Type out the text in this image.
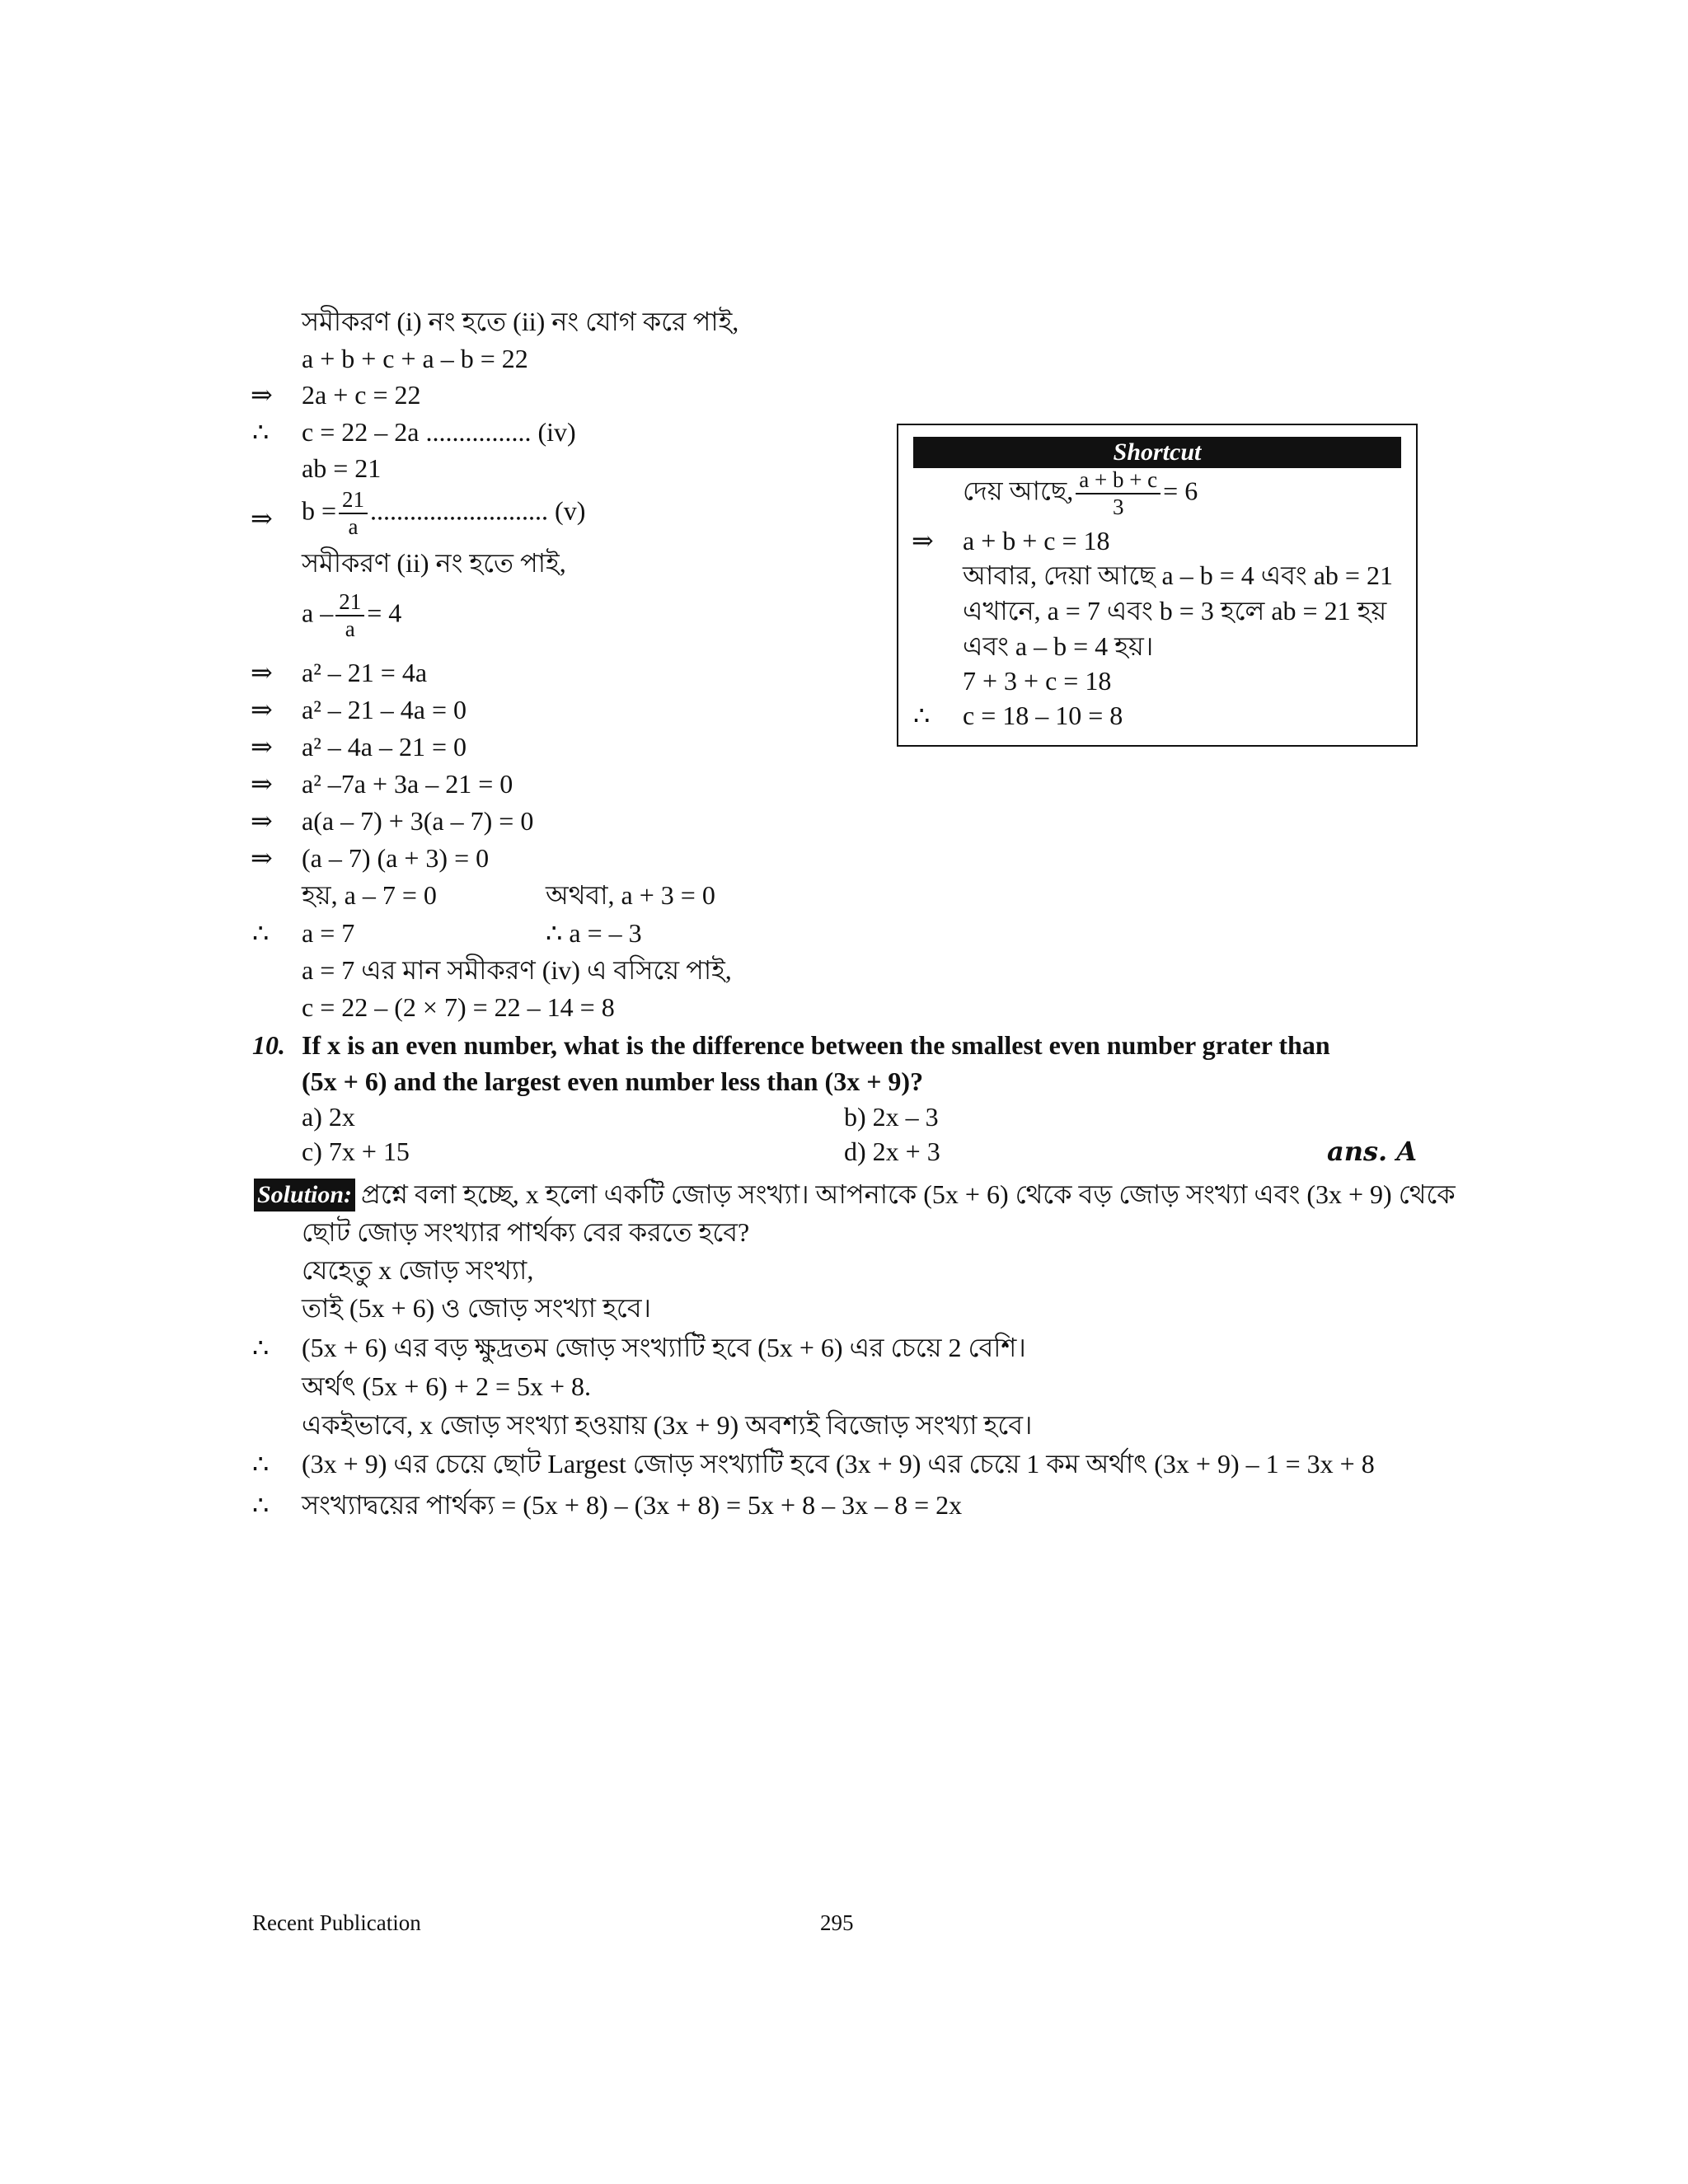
সমীকরণ (i) নং হতে (ii) নং যোগ করে পাই,
a + b + c + a – b = 22
⇒ 2a + c = 22
∴ c = 22 – 2a ................ (iv)
ab = 21
⇒ $b = \frac{21}{a}$ ........................... (v)
সমীকরণ (ii) নং হতে পাই,
$a - \frac{21}{a} = 4$
⇒ a² – 21 = 4a
⇒ a² – 21 – 4a = 0
⇒ a² – 4a – 21 = 0
⇒ a² –7a + 3a – 21 = 0
⇒ a(a – 7) + 3(a – 7) = 0
⇒ (a – 7) (a + 3) = 0
হয়, a – 7 = 0	অথবা, a + 3 = 0
∴ a = 7	∴ a = – 3
a = 7 এর মান সমীকরণ (iv) এ বসিয়ে পাই,
c = 22 – (2 × 7) = 22 – 14 = 8
Shortcut
দেয় আছে, $\frac{a + b + c}{3} = 6$
⇒ a + b + c = 18
আবার, দেয়া আছে a – b = 4 এবং ab = 21
এখানে, a = 7 এবং b = 3 হলে ab = 21 হয়
এবং a – b = 4 হয়।
7 + 3 + c = 18
∴ c = 18 – 10 = 8
10. If x is an even number, what is the difference between the smallest even number grater than
(5x + 6) and the largest even number less than (3x + 9)?
a) 2x	b) 2x – 3
c) 7x + 15	d) 2x + 3	ans. A
Solution: প্রশ্নে বলা হচ্ছে, x হলো একটি জোড় সংখ্যা। আপনাকে (5x + 6) থেকে বড় জোড় সংখ্যা এবং (3x + 9) থেকে
ছোট জোড় সংখ্যার পার্থক্য বের করতে হবে?
যেহেতু x জোড় সংখ্যা,
তাই (5x + 6) ও জোড় সংখ্যা হবে।
∴ (5x + 6) এর বড় ক্ষুদ্রতম জোড় সংখ্যাটি হবে (5x + 6) এর চেয়ে 2 বেশি।
অর্থৎ (5x + 6) + 2 = 5x + 8.
একইভাবে, x জোড় সংখ্যা হওয়ায় (3x + 9) অবশ্যই বিজোড় সংখ্যা হবে।
∴ (3x + 9) এর চেয়ে ছোট Largest জোড় সংখ্যাটি হবে (3x + 9) এর চেয়ে 1 কম অর্থাৎ (3x + 9) – 1 = 3x + 8
∴ সংখ্যাদ্বয়ের পার্থক্য = (5x + 8) – (3x + 8) = 5x + 8 – 3x – 8 = 2x
Recent Publication	295
